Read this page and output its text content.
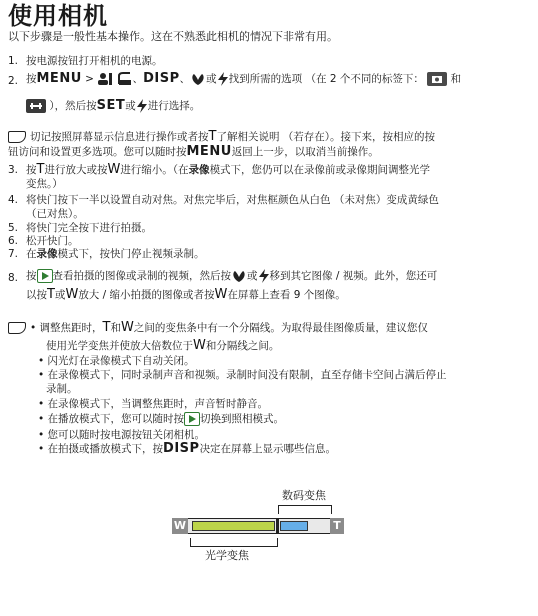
使用相机
以下步骤是一般性基本操作。这在不熟悉此相机的情况下非常有用。
1. 按电源按钮打开相机的电源。
2. 按MENU >	、DISP、 或 找到所需的选项 （在 2 个不同的标签下：	和
），然后按SET或 进行选择。
切记按照屏幕显示信息进行操作或者按T了解相关说明 （若存在）。接下来，按相应的按
钮访问和设置更多选项。您可以随时按MENU返回上一步，以取消当前操作。
3. 按T进行放大或按W进行缩小。（在录像模式下，您仍可以在录像前或录像期间调整光学
变焦。）
4. 将快门按下一半以设置自动对焦。对焦完毕后，对焦框颜色从白色 （未对焦）变成黄绿色
（已对焦）。
5. 将快门完全按下进行拍摄。
6. 松开快门。
7. 在录像模式下，按快门停止视频录制。
8. 按 查看拍摄的图像或录制的视频，然后按 或 移到其它图像 / 视频。此外，您还可
以按T或W放大 / 缩小拍摄的图像或者按W在屏幕上查看 9 个图像。
• 调整焦距时，T和W之间的变焦条中有一个分隔线。为取得最佳图像质量，建议您仅
使用光学变焦并使放大倍数位于W和分隔线之间。
• 闪光灯在录像模式下自动关闭。
• 在录像模式下，同时录制声音和视频。录制时间没有限制，直至存储卡空间占满后停止
录制。
• 在录像模式下，当调整焦距时，声音暂时静音。
• 在播放模式下，您可以随时按 切换到照相模式。
• 您可以随时按电源按钮关闭相机。
• 在拍摄或播放模式下，按DISP决定在屏幕上显示哪些信息。
数码变焦
W	T
光学变焦
